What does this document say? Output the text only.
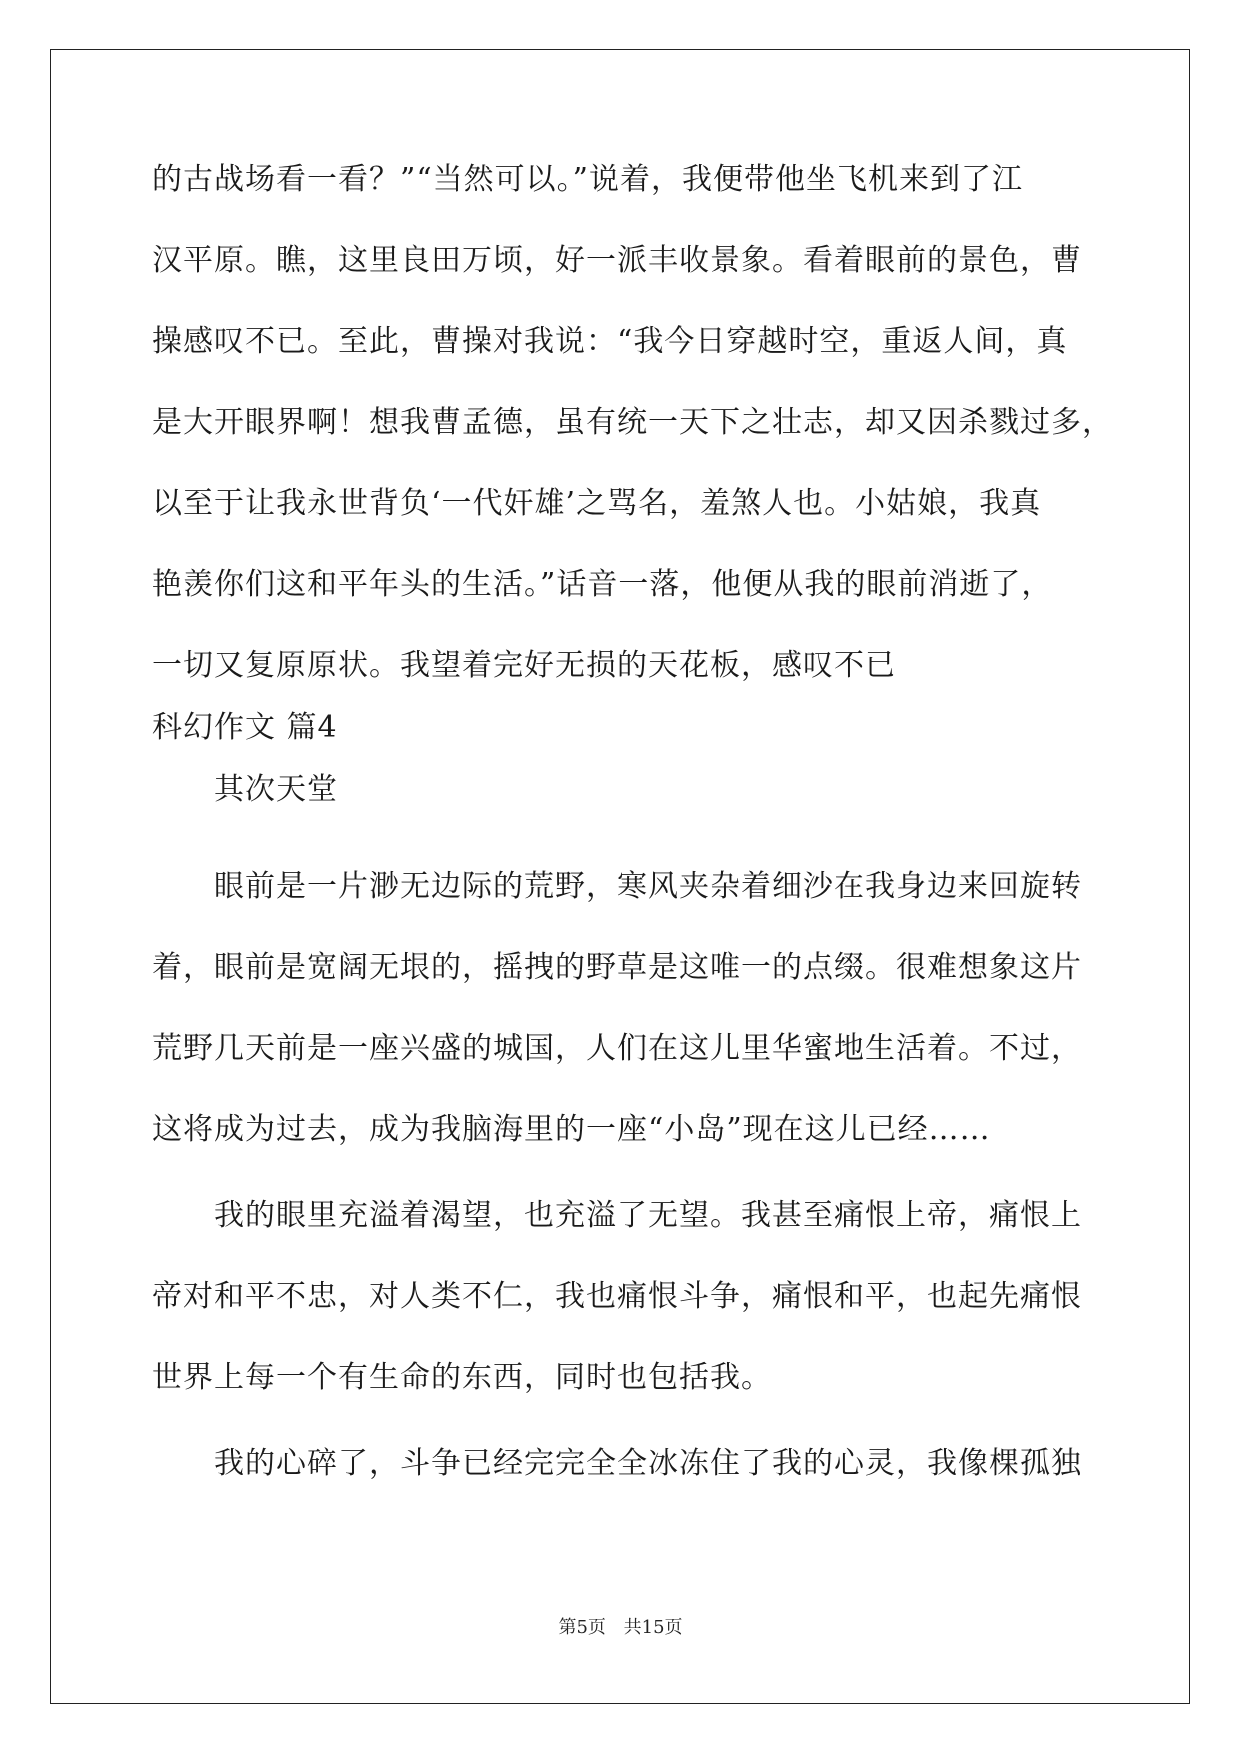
的古战场看一看？”“当然可以。”说着，我便带他坐飞机来到了江
汉平原。瞧，这里良田万顷，好一派丰收景象。看着眼前的景色，曹
操感叹不已。至此，曹操对我说：“我今日穿越时空，重返人间，真
是大开眼界啊！想我曹孟德，虽有统一天下之壮志，却又因杀戮过多，
以至于让我永世背负‘一代奸雄’之骂名，羞煞人也。小姑娘，我真
艳羡你们这和平年头的生活。”话音一落，他便从我的眼前消逝了，
一切又复原原状。我望着完好无损的天花板，感叹不已
科幻作文 篇4
其次天堂
眼前是一片渺无边际的荒野，寒风夹杂着细沙在我身边来回旋转
着，眼前是宽阔无垠的，摇拽的野草是这唯一的点缀。很难想象这片
荒野几天前是一座兴盛的城国，人们在这儿里华蜜地生活着。不过，
这将成为过去，成为我脑海里的一座“小岛”现在这儿已经……
我的眼里充溢着渴望，也充溢了无望。我甚至痛恨上帝，痛恨上
帝对和平不忠，对人类不仁，我也痛恨斗争，痛恨和平，也起先痛恨
世界上每一个有生命的东西，同时也包括我。
我的心碎了，斗争已经完完全全冰冻住了我的心灵，我像棵孤独
第5页 共15页
